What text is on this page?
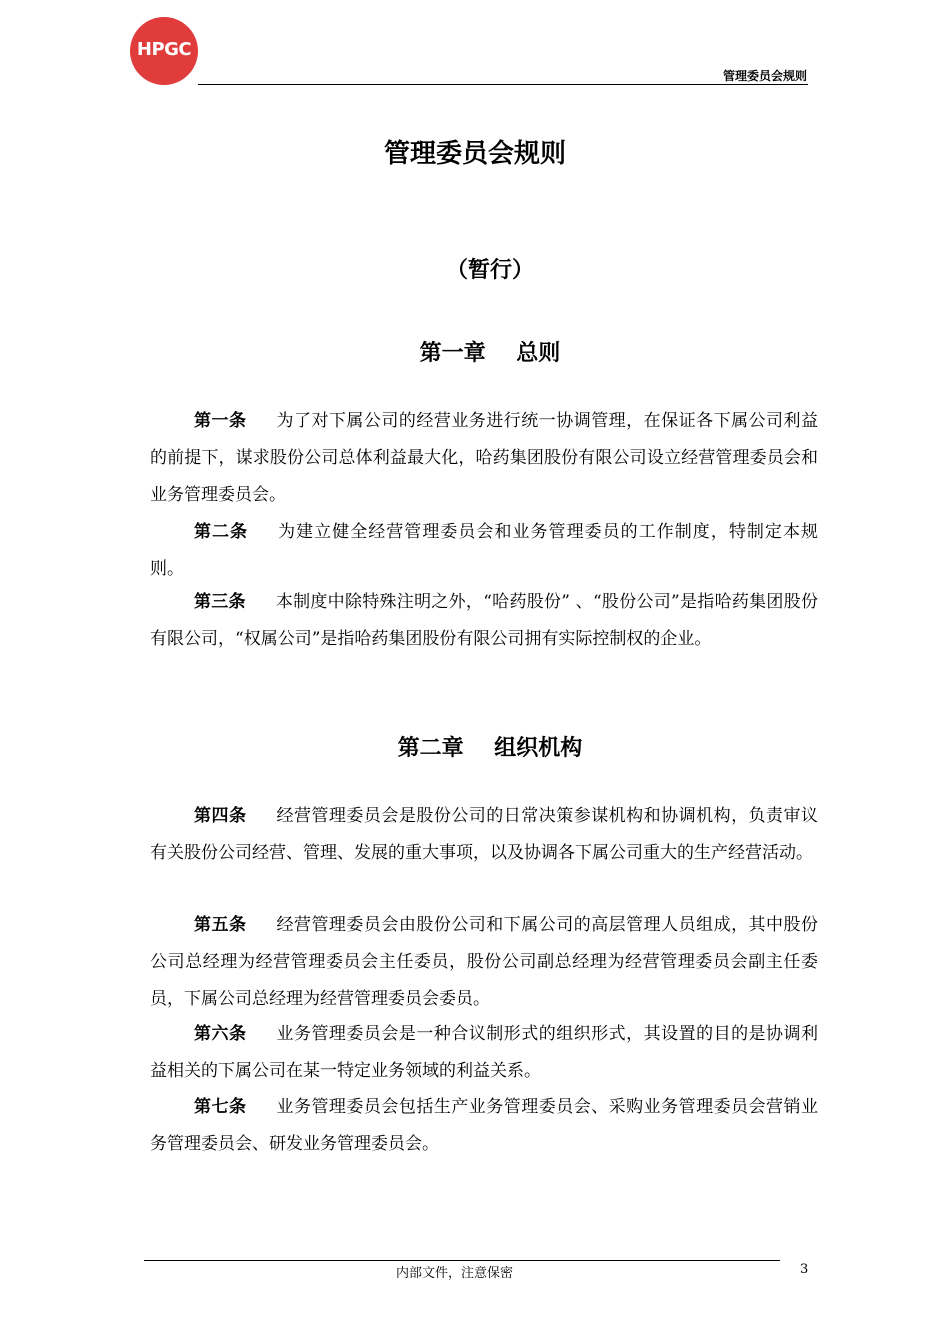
HPGC
管理委员会规则
管理委员会规则
（暂行）
第一章    总则
第一条 为了对下属公司的经营业务进行统一协调管理，在保证各下属公司利益的前提下，谋求股份公司总体利益最大化，哈药集团股份有限公司设立经营管理委员会和业务管理委员会。
第二条 为建立健全经营管理委员会和业务管理委员的工作制度，特制定本规则。
第三条 本制度中除特殊注明之外，“哈药股份” 、“股份公司”是指哈药集团股份有限公司，“权属公司”是指哈药集团股份有限公司拥有实际控制权的企业。
第二章    组织机构
第四条 经营管理委员会是股份公司的日常决策参谋机构和协调机构，负责审议有关股份公司经营、管理、发展的重大事项，以及协调各下属公司重大的生产经营活动。
第五条 经营管理委员会由股份公司和下属公司的高层管理人员组成，其中股份公司总经理为经营管理委员会主任委员，股份公司副总经理为经营管理委员会副主任委员，下属公司总经理为经营管理委员会委员。
第六条 业务管理委员会是一种合议制形式的组织形式，其设置的目的是协调利益相关的下属公司在某一特定业务领域的利益关系。
第七条 业务管理委员会包括生产业务管理委员会、采购业务管理委员会营销业务管理委员会、研发业务管理委员会。
内部文件，注意保密	3
